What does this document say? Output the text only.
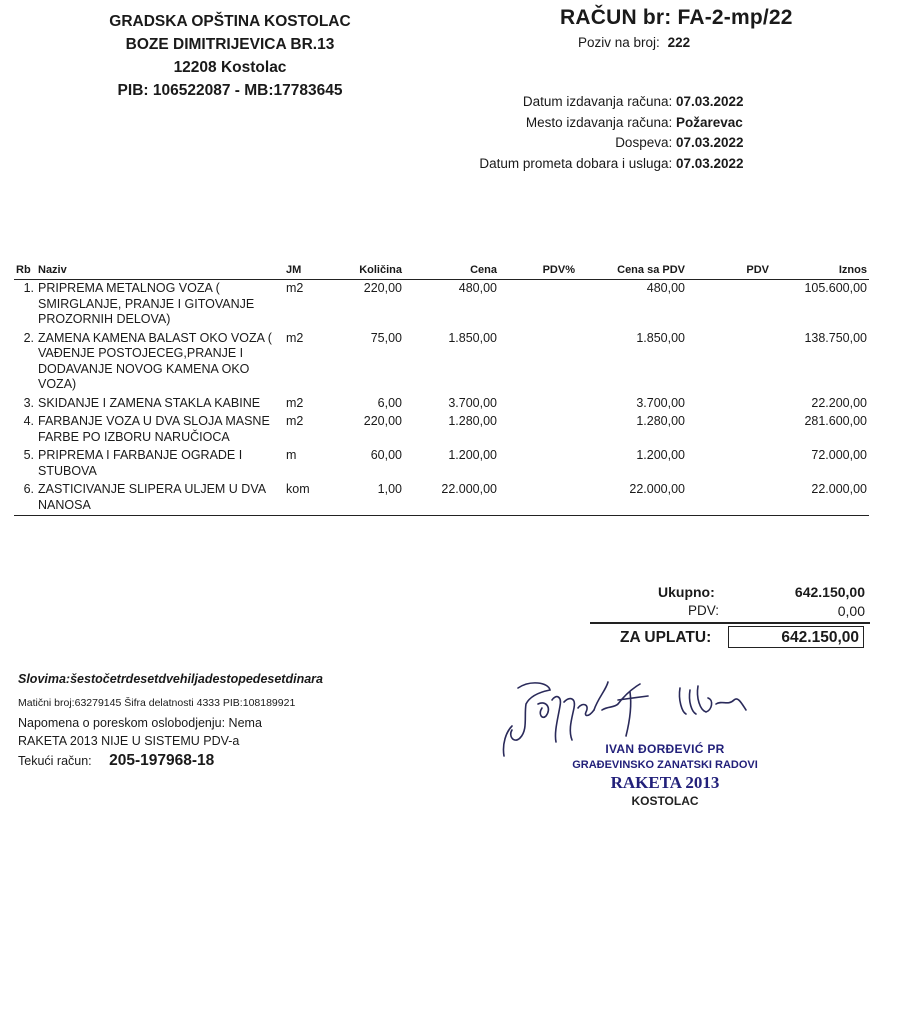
GRADSKA OPŠTINA KOSTOLAC
BOZE DIMITRIJEVICA BR.13
12208 Kostolac
PIB: 106522087 - MB:17783645
RAČUN br: FA-2-mp/22
Poziv na broj: 222
Datum izdavanja računa: 07.03.2022
Mesto izdavanja računa: Požarevac
Dospeva: 07.03.2022
Datum prometa dobara i usluga: 07.03.2022
Rb	Naziv	JM	Količina	Cena	PDV%	Cena sa PDV	PDV	Iznos
1.	PRIPREMA METALNOG VOZA ( SMIRGLANJE, PRANJE I GITOVANJE PROZORNIH DELOVA)	m2	220,00	480,00		480,00		105.600,00
2.	ZAMENA KAMENA BALAST OKO VOZA ( VAĐENJE POSTOJECEG,PRANJE I DODAVANJE NOVOG KAMENA OKO VOZA)	m2	75,00	1.850,00		1.850,00		138.750,00
3.	SKIDANJE I ZAMENA STAKLA KABINE	m2	6,00	3.700,00		3.700,00		22.200,00
4.	FARBANJE VOZA U DVA SLOJA MASNE FARBE PO IZBORU NARUČIOCA	m2	220,00	1.280,00		1.280,00		281.600,00
5.	PRIPREMA I FARBANJE OGRADE I STUBOVA	m	60,00	1.200,00		1.200,00		72.000,00
6.	ZASTICIVANJE SLIPERA ULJEM U DVA NANOSA	kom	1,00	22.000,00		22.000,00		22.000,00
Ukupno:	642.150,00
PDV:	0,00
ZA UPLATU:	642.150,00
Slovima:šestočetrdesetdvehiljadestopedesetdinara
Matični broj:63279145 Šifra delatnosti 4333 PIB:108189921
Napomena o poreskom oslobodjenju: Nema
RAKETA 2013 NIJE U SISTEMU PDV-a
Tekući račun: 205-197968-18
IVAN ĐORĐEVIĆ PR
GRAĐEVINSKO ZANATSKI RADOVI
RAKETA 2013
KOSTOLAC
